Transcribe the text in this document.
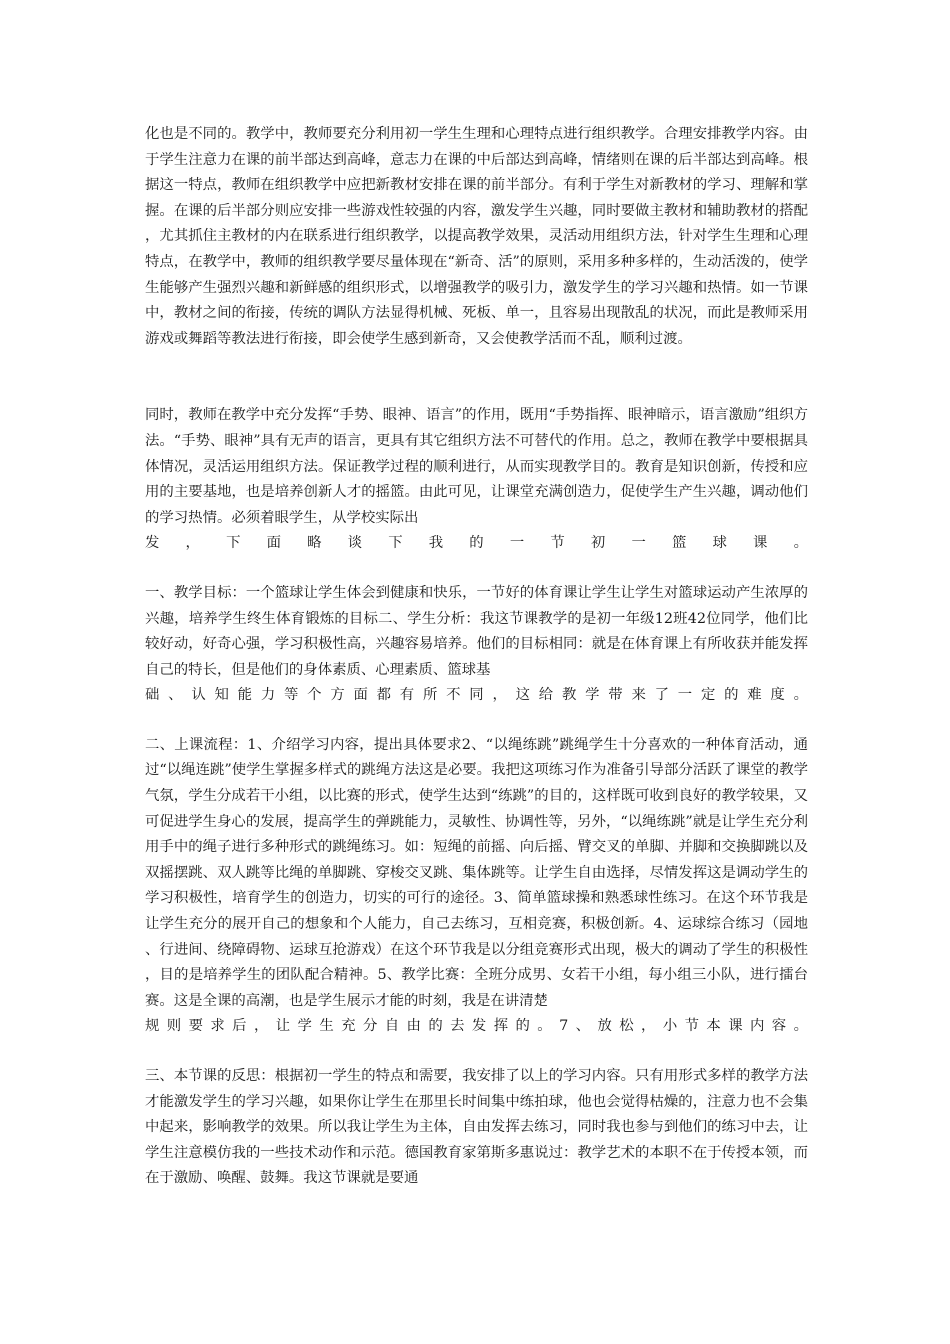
化也是不同的。教学中，教师要充分利用初一学生生理和心理特点进行组织教学。合理安排教学内容。由于学生注意力在课的前半部达到高峰，意志力在课的中后部达到高峰，情绪则在课的后半部达到高峰。根据这一特点，教师在组织教学中应把新教材安排在课的前半部分。有利于学生对新教材的学习、理解和掌握。在课的后半部分则应安排一些游戏性较强的内容，激发学生兴趣，同时要做主教材和辅助教材的搭配，尤其抓住主教材的内在联系进行组织教学，以提高教学效果，灵活动用组织方法，针对学生生理和心理特点，在教学中，教师的组织教学要尽量体现在“新奇、活”的原则，采用多种多样的，生动活泼的，使学生能够产生强烈兴趣和新鲜感的组织形式，以增强教学的吸引力，激发学生的学习兴趣和热情。如一节课中，教材之间的衔接，传统的调队方法显得机械、死板、单一，且容易出现散乱的状况，而此是教师采用游戏或舞蹈等教法进行衔接，即会使学生感到新奇，又会使教学活而不乱，顺利过渡。

同时，教师在教学中充分发挥“手势、眼神、语言”的作用，既用“手势指挥、眼神暗示，语言激励”组织方法。“手势、眼神”具有无声的语言，更具有其它组织方法不可替代的作用。总之，教师在教学中要根据具体情况，灵活运用组织方法。保证教学过程的顺利进行，从而实现教学目的。教育是知识创新，传授和应用的主要基地，也是培养创新人才的摇篮。由此可见，让课堂充满创造力，促使学生产生兴趣，调动他们的学习热情。必须着眼学生，从学校实际出
发，下面略谈下我的一节初一篮球课。
一、教学目标：一个篮球让学生体会到健康和快乐，一节好的体育课让学生让学生对篮球运动产生浓厚的兴趣，培养学生终生体育锻炼的目标二、学生分析：我这节课教学的是初一年级12班42位同学，他们比较好动，好奇心强，学习积极性高，兴趣容易培养。他们的目标相同：就是在体育课上有所收获并能发挥自己的特长，但是他们的身体素质、心理素质、篮球基
础、认知能力等个方面都有所不同，这给教学带来了一定的难度。
二、上课流程：1、介绍学习内容，提出具体要求2、“以绳练跳”跳绳学生十分喜欢的一种体育活动，通过“以绳连跳”使学生掌握多样式的跳绳方法这是必要。我把这项练习作为准备引导部分活跃了课堂的教学气氛，学生分成若干小组，以比赛的形式，使学生达到“练跳”的目的，这样既可收到良好的教学较果，又可促进学生身心的发展，提高学生的弹跳能力，灵敏性、协调性等，另外，“以绳练跳”就是让学生充分利用手中的绳子进行多种形式的跳绳练习。如：短绳的前摇、向后摇、臂交叉的单脚、并脚和交换脚跳以及双摇摆跳、双人跳等比绳的单脚跳、穿梭交叉跳、集体跳等。让学生自由选择，尽情发挥这是调动学生的学习积极性，培育学生的创造力，切实的可行的途径。3、简单篮球操和熟悉球性练习。在这个环节我是让学生充分的展开自己的想象和个人能力，自己去练习，互相竞赛，积极创新。4、运球综合练习（园地、行进间、绕障碍物、运球互抢游戏）在这个环节我是以分组竞赛形式出现，极大的调动了学生的积极性，目的是培养学生的团队配合精神。5、教学比赛：全班分成男、女若干小组，每小组三小队，进行擂台赛。这是全课的高潮，也是学生展示才能的时刻，我是在讲清楚
规则要求后，让学生充分自由的去发挥的。7、放松，小节本课内容。

三、本节课的反思：根据初一学生的特点和需要，我安排了以上的学习内容。只有用形式多样的教学方法才能激发学生的学习兴趣，如果你让学生在那里长时间集中练拍球，他也会觉得枯燥的，注意力也不会集中起来，影响教学的效果。所以我让学生为主体，自由发挥去练习，同时我也参与到他们的练习中去，让学生注意模仿我的一些技术动作和示范。德国教育家第斯多惠说过：教学艺术的本职不在于传授本领，而在于激励、唤醒、鼓舞。我这节课就是要通
